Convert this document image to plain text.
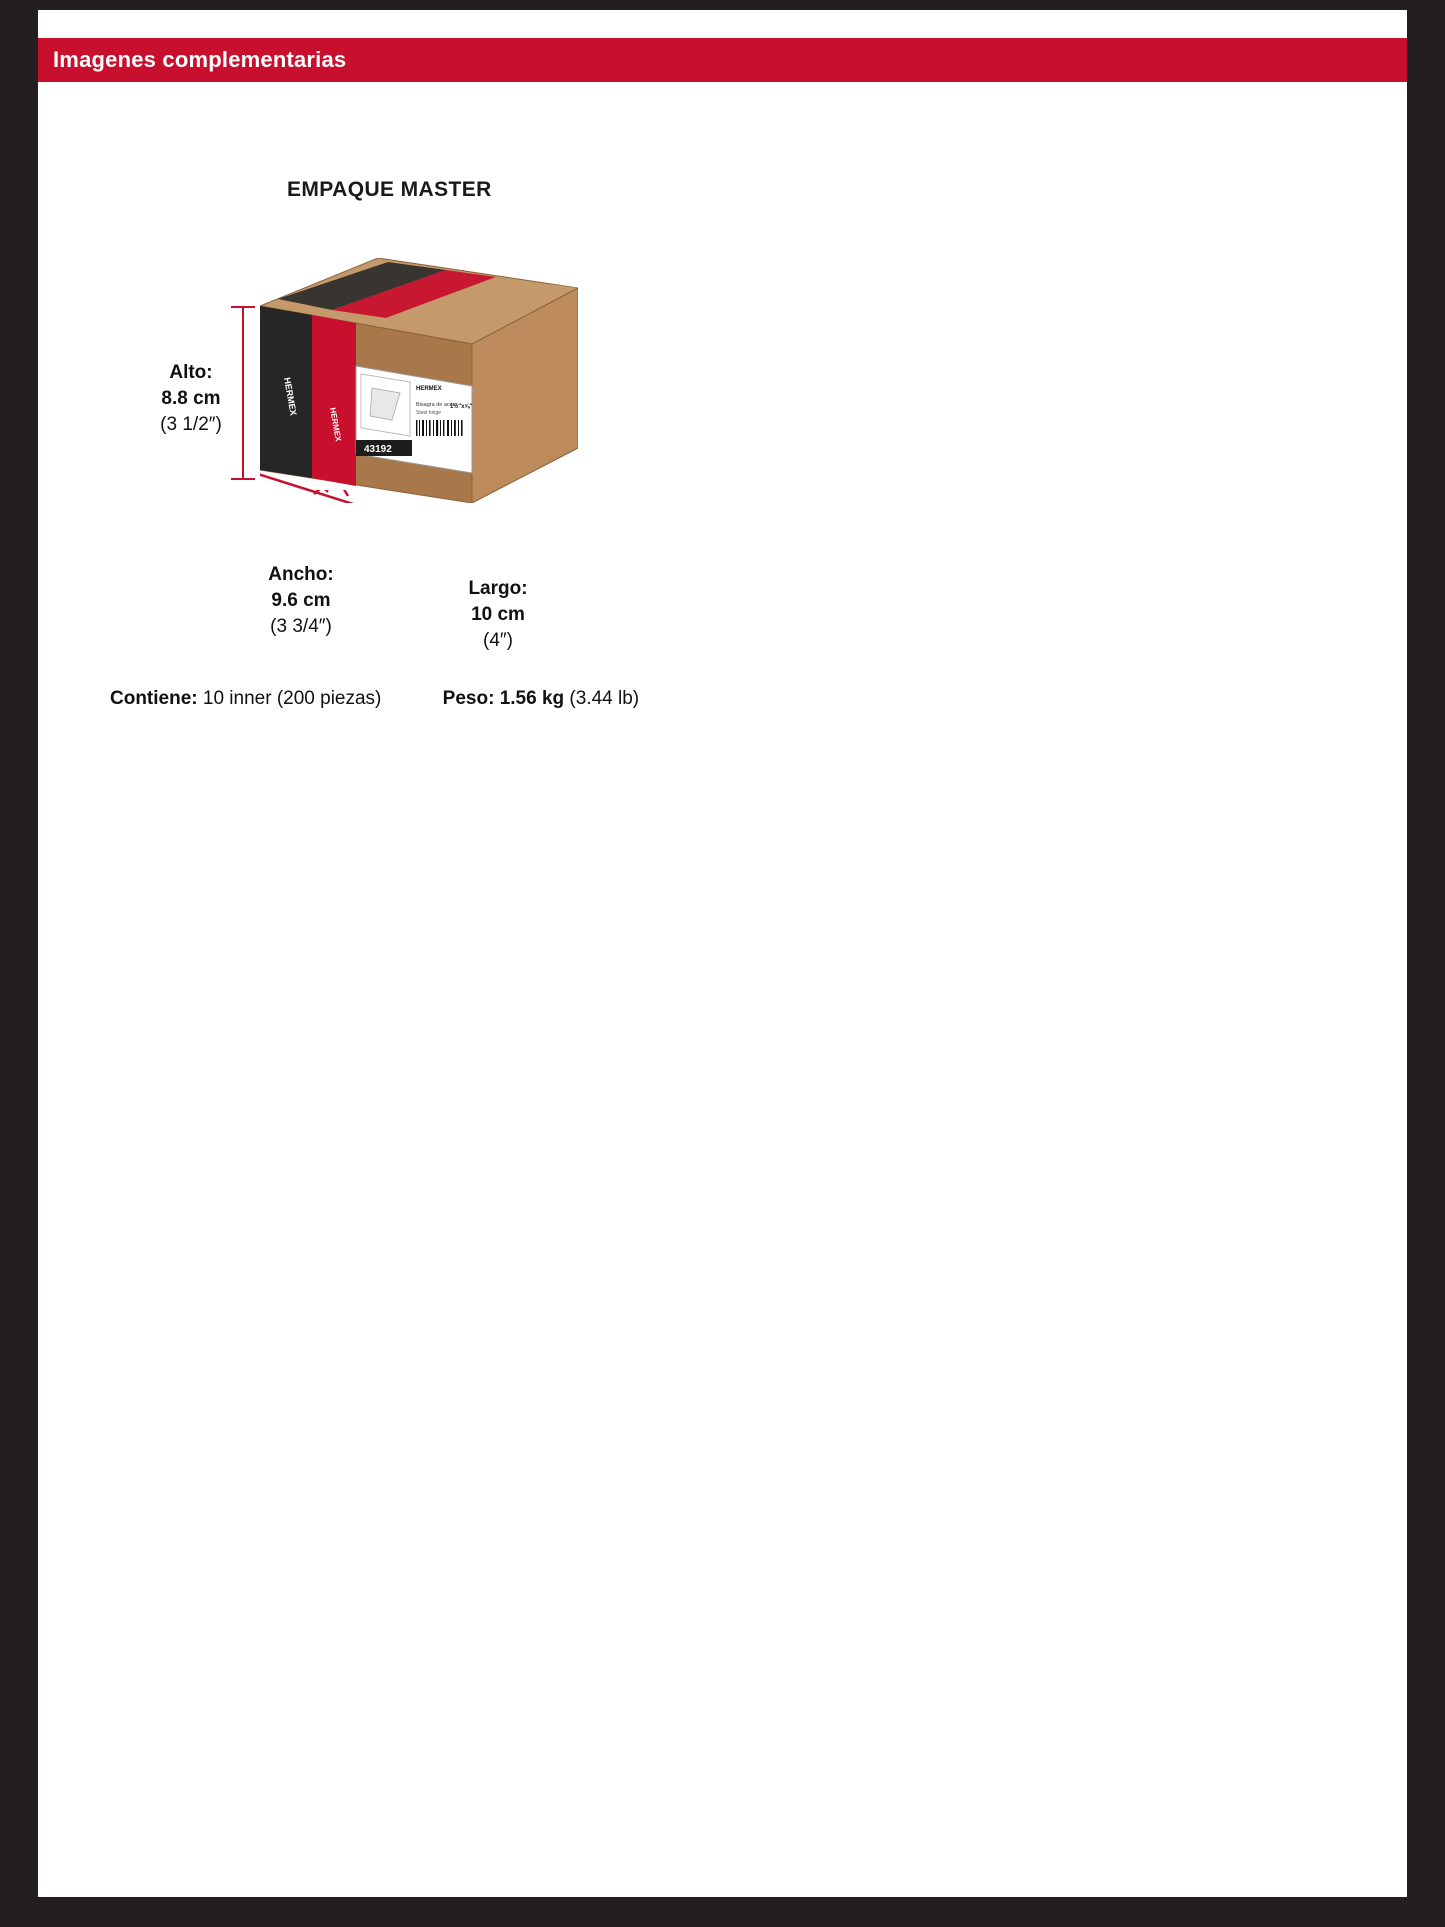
Imagenes complementarias
EMPAQUE MASTER
HERMEX
HERMEX
HERMEX
Bisagra de acero
Steel hinge
1½"x⅝"
43192
Alto:
8.8 cm
(3 1/2″)
Ancho:
9.6 cm
(3 3/4″)
Largo:
10 cm
(4″)
Contiene: 10 inner (200 piezas)	Peso: 1.56 kg (3.44 lb)
